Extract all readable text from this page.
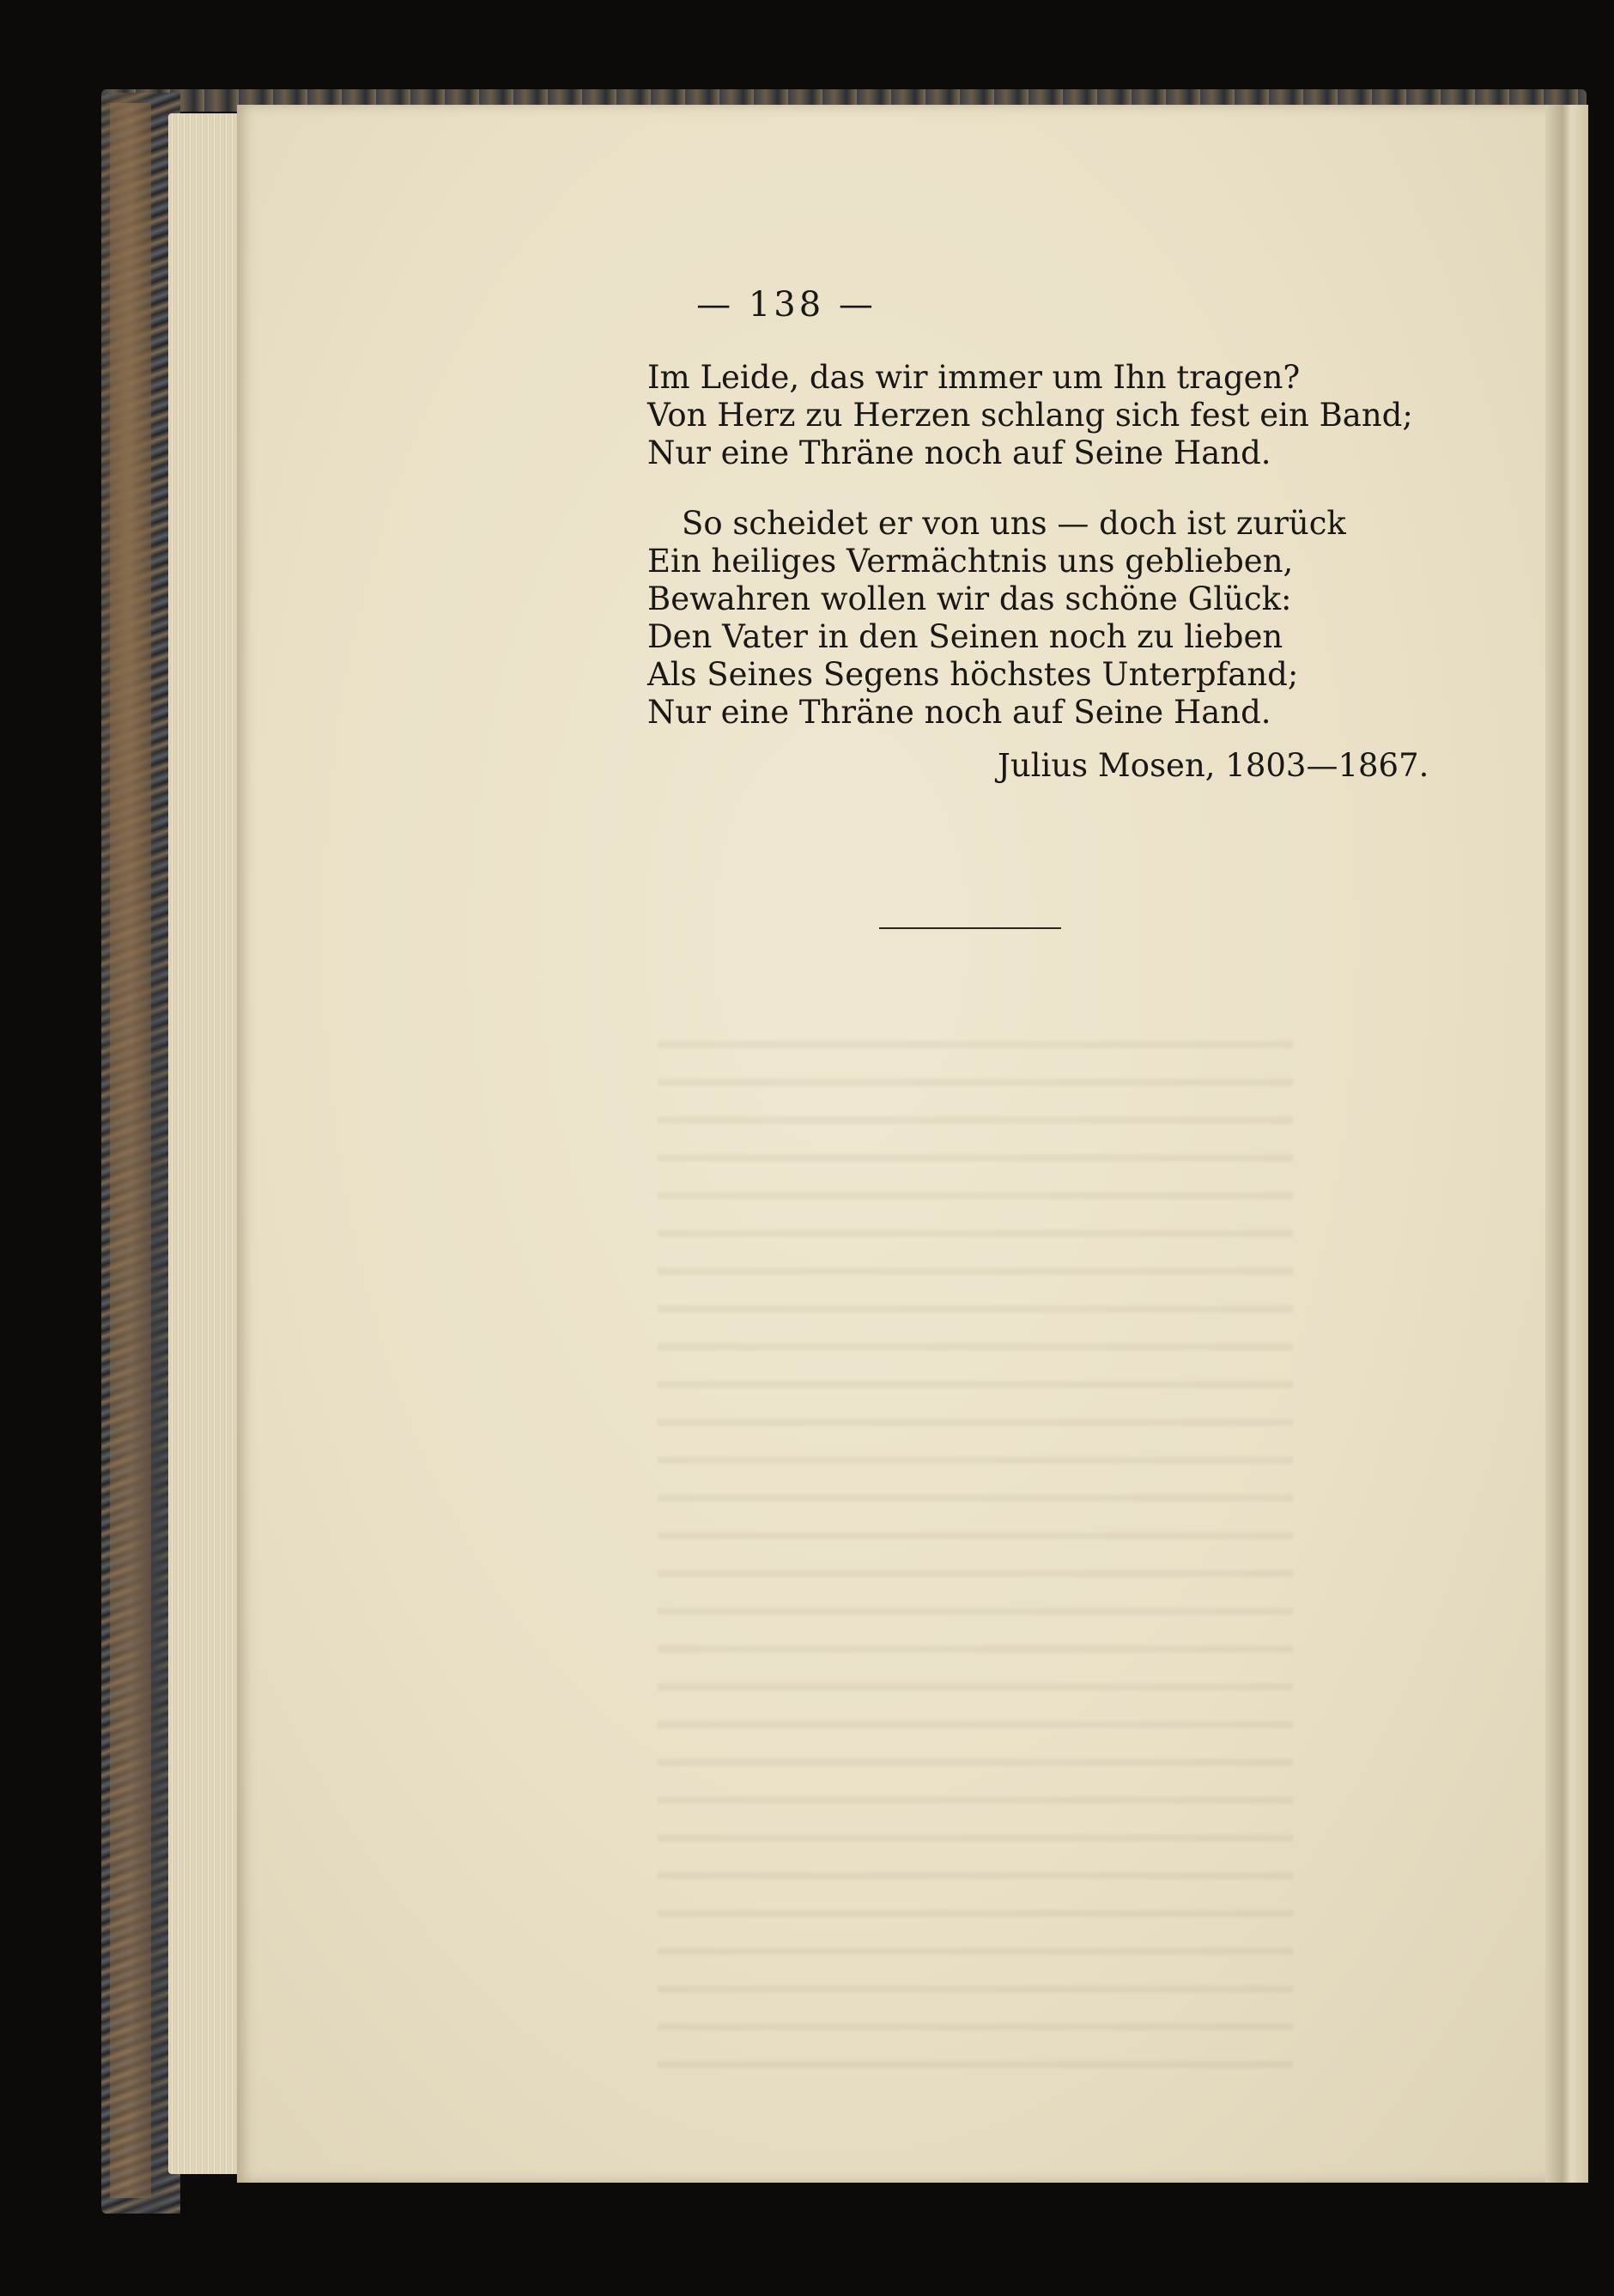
— 138 —
Im Leide, das wir immer um Ihn tragen?
Von Herz zu Herzen schlang sich fest ein Band;
Nur eine Thräne noch auf Seine Hand.
So scheidet er von uns — doch ist zurück
Ein heiliges Vermächtnis uns geblieben,
Bewahren wollen wir das schöne Glück:
Den Vater in den Seinen noch zu lieben
Als Seines Segens höchstes Unterpfand;
Nur eine Thräne noch auf Seine Hand.
Julius Mosen, 1803—1867.
